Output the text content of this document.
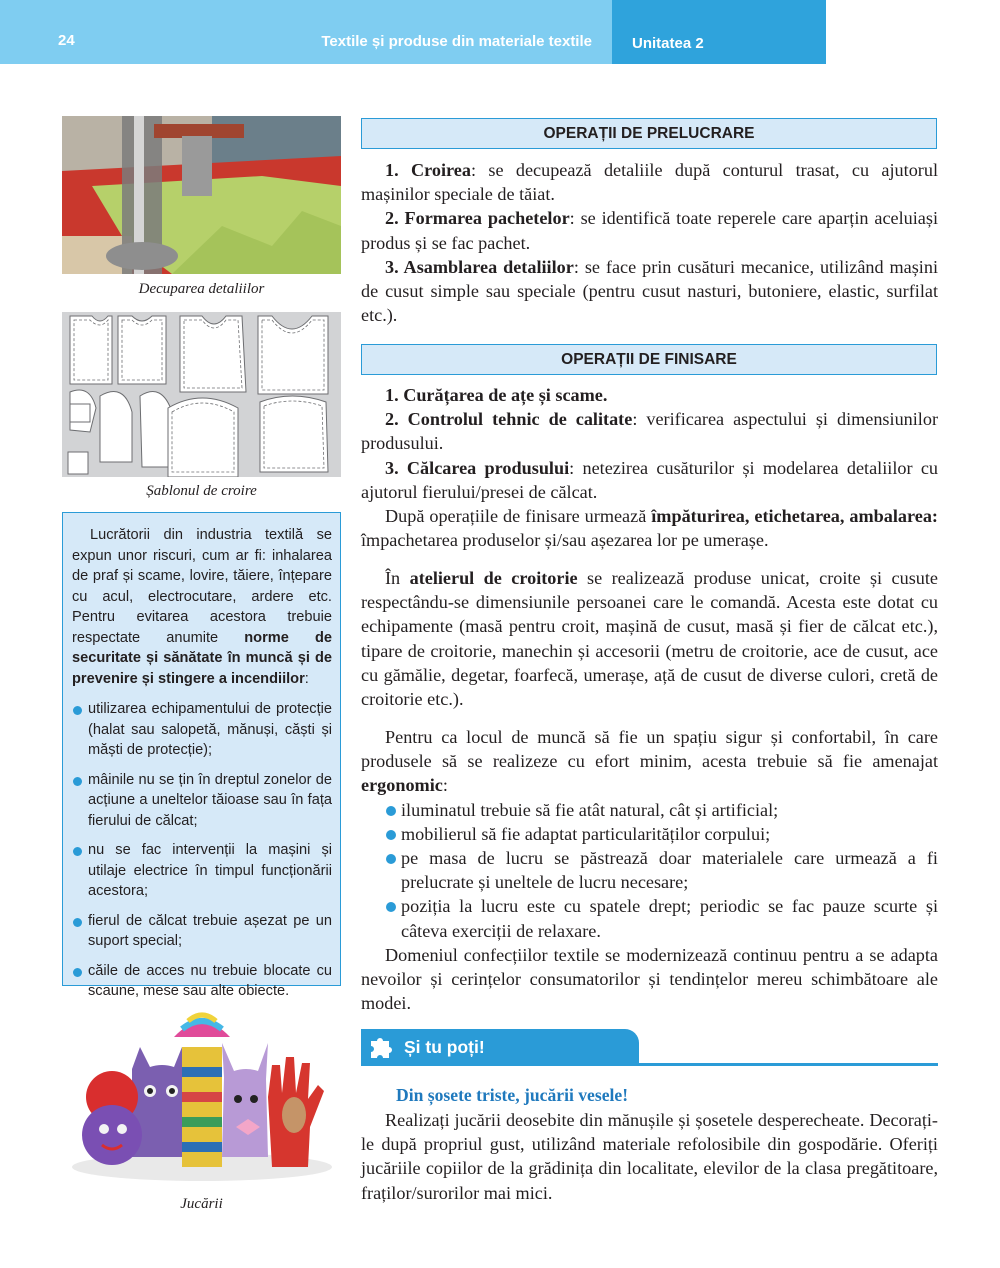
24	Textile și produse din materiale textile	Unitatea 2
Decuparea detaliilor
Șablonul de croire

Lucrătorii din industria textilă se expun unor riscuri, cum ar fi: inhalarea de praf și scame, lovire, tăiere, înțepare cu acul, electrocutare, ardere etc. Pentru evitarea acestora trebuie respectate anumite norme de securitate și sănătate în muncă și de prevenire și stingere a incendiilor:

utilizarea echipamentului de protecție (halat sau salopetă, mănuși, căști și măști de protecție);
mâinile nu se țin în dreptul zonelor de acțiune a uneltelor tăioase sau în fața fierului de călcat;
nu se fac intervenții la mașini și utilaje electrice în timpul funcționării acestora;
fierul de călcat trebuie așezat pe un suport special;
căile de acces nu trebuie blocate cu scaune, mese sau alte obiecte.
Jucării
OPERAȚII DE PRELUCRARE

1. Croirea: se decupează detaliile după conturul trasat, cu ajutorul mașinilor speciale de tăiat.

2. Formarea pachetelor: se identifică toate reperele care aparțin aceluiași produs și se fac pachet.

3. Asamblarea detaliilor: se face prin cusături mecanice, utilizând mașini de cusut simple sau speciale (pentru cusut nasturi, butoniere, elastic, surfilat etc.).

OPERAȚII DE FINISARE

1. Curățarea de ațe și scame.

2. Controlul tehnic de calitate: verificarea aspectului și dimensiunilor produsului.

3. Călcarea produsului: netezirea cusăturilor și modelarea detaliilor cu ajutorul fierului/presei de călcat.

După operațiile de finisare urmează împăturirea, etichetarea, ambalarea: împachetarea produselor și/sau așezarea lor pe umerașe.

În atelierul de croitorie se realizează produse unicat, croite și cusute respectându-se dimensiunile persoanei care le comandă. Acesta este dotat cu echipamente (masă pentru croit, mașină de cusut, masă și fier de călcat etc.), tipare de croitorie, manechin și accesorii (metru de croitorie, ace de cusut, ace cu gămălie, degetar, foarfecă, umerașe, ață de cusut de diverse culori, cretă de croitorie etc.).

Pentru ca locul de muncă să fie un spațiu sigur și confortabil, în care produsele să se realizeze cu efort minim, acesta trebuie să fie amenajat ergonomic:

iluminatul trebuie să fie atât natural, cât și artificial;
mobilierul să fie adaptat particularităților corpului;
pe masa de lucru se păstrează doar materialele care urmează a fi prelucrate și uneltele de lucru necesare;
poziția la lucru este cu spatele drept; periodic se fac pauze scurte și câteva exerciții de relaxare.

Domeniul confecțiilor textile se modernizează continuu pentru a se adapta nevoilor și cerințelor consumatorilor și tendințelor mereu schimbătoare ale modei.

Și tu poți!
Din șosete triste, jucării vesele!

Realizați jucării deosebite din mănușile și șosetele desperecheate. Decorați-le după propriul gust, utilizând materiale refolosibile din gospodărie. Oferiți jucăriile copiilor de la grădinița din localitate, elevilor de la clasa pregătitoare, fraților/surorilor mai mici.
